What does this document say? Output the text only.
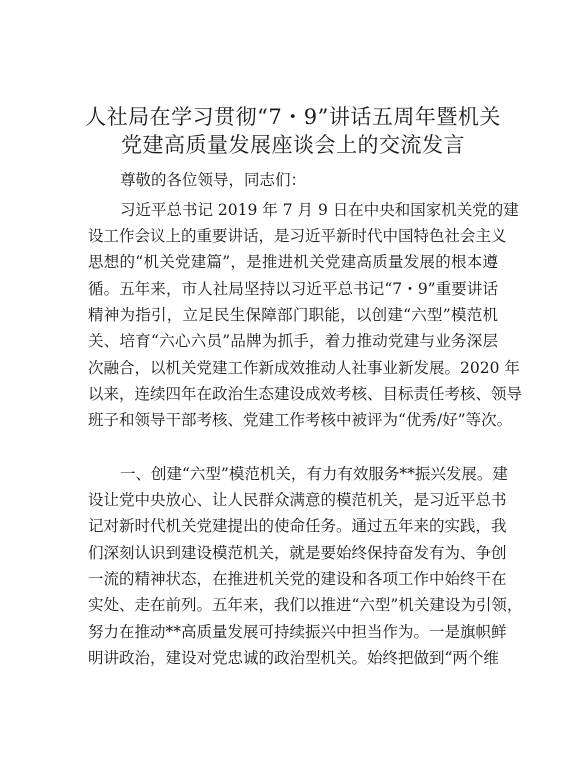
人社局在学习贯彻“7・9”讲话五周年暨机关
党建高质量发展座谈会上的交流发言
尊敬的各位领导，同志们：
习近平总书记 2019 年 7 月 9 日在中央和国家机关党的建
设工作会议上的重要讲话，是习近平新时代中国特色社会主义
思想的“机关党建篇”，是推进机关党建高质量发展的根本遵
循。五年来，市人社局坚持以习近平总书记“7・9”重要讲话
精神为指引，立足民生保障部门职能，以创建“六型”模范机
关、培育“六心六员”品牌为抓手，着力推动党建与业务深层
次融合，以机关党建工作新成效推动人社事业新发展。2020 年
以来，连续四年在政治生态建设成效考核、目标责任考核、领导
班子和领导干部考核、党建工作考核中被评为“优秀/好”等次。
一、创建“六型”模范机关，有力有效服务**振兴发展。建
设让党中央放心、让人民群众满意的模范机关，是习近平总书
记对新时代机关党建提出的使命任务。通过五年来的实践，我
们深刻认识到建设模范机关，就是要始终保持奋发有为、争创
一流的精神状态，在推进机关党的建设和各项工作中始终干在
实处、走在前列。五年来，我们以推进“六型”机关建设为引领，
努力在推动**高质量发展可持续振兴中担当作为。一是旗帜鲜
明讲政治，建设对党忠诚的政治型机关。始终把做到“两个维
